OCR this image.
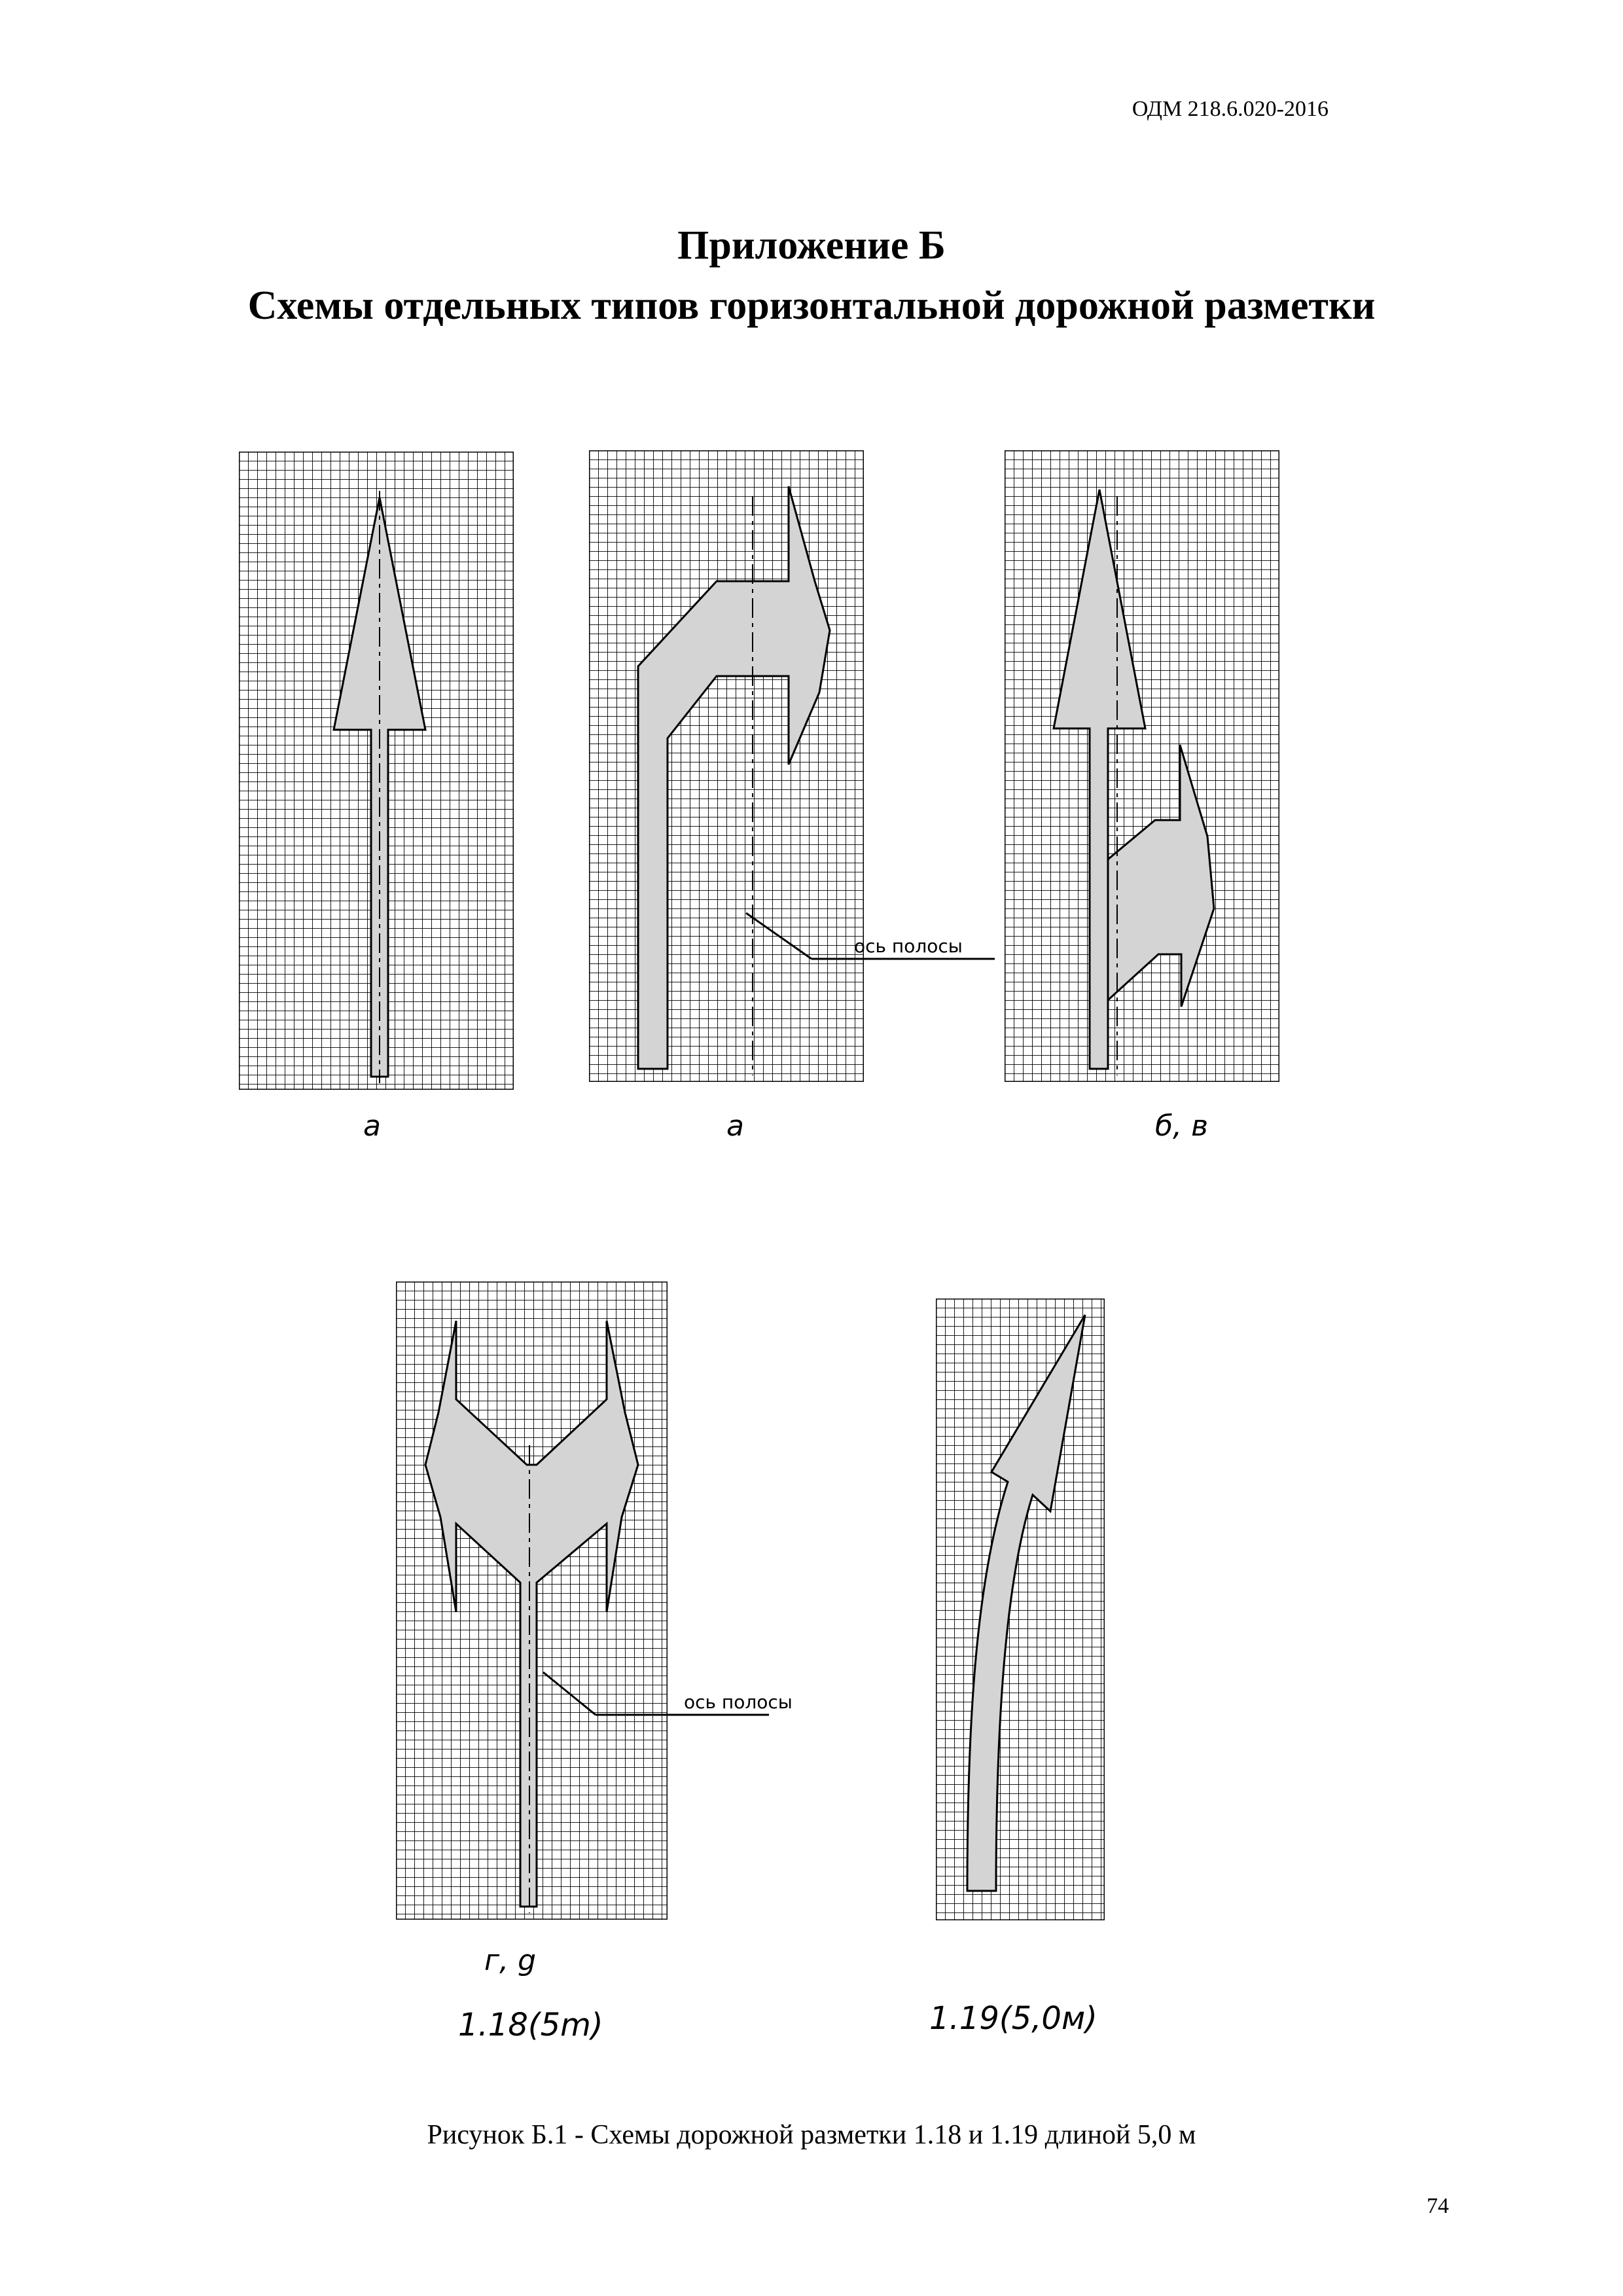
ОДМ 218.6.020-2016
Приложение Б
Схемы отдельных типов горизонтальной дорожной разметки
ось полосы
a	a	б, в
ось полосы
г, g
1.18(5m)	1.19(5,0м)
Рисунок Б.1 - Схемы дорожной разметки 1.18 и 1.19 длиной 5,0 м
74
